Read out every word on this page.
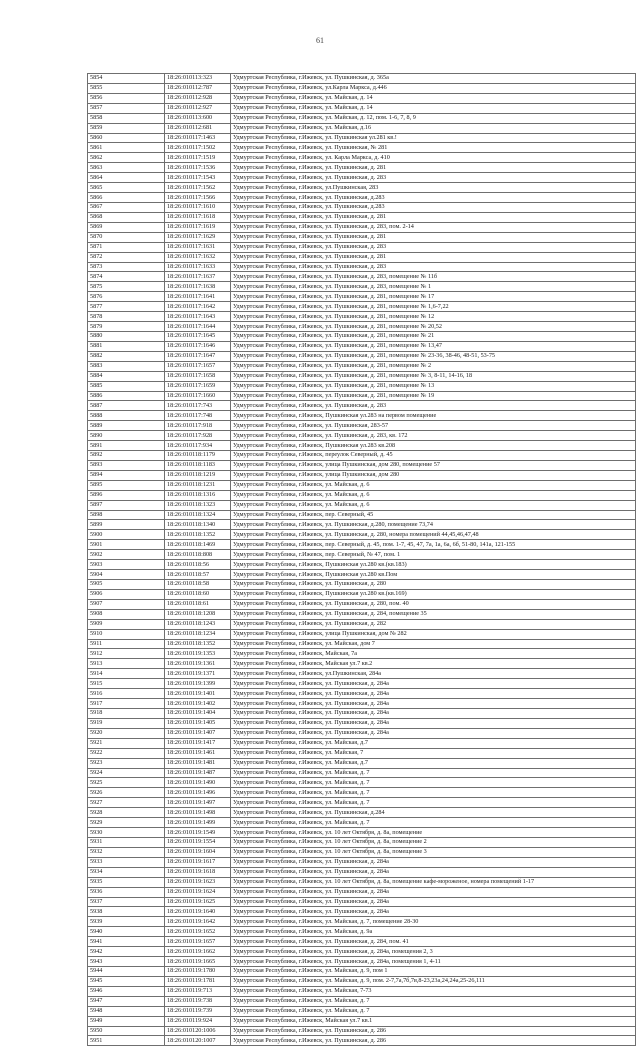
61
5854	18:26:010113:323	Удмуртская Республика, г.Ижевск, ул. Пушкинская, д. 365а
5855	18:26:010112:787	Удмуртская Республика, г.Ижевск, ул.Карла Маркса, д.446
5856	18:26:010112:928	Удмуртская Республика, г.Ижевск, ул. Майская, д. 14
5857	18:26:010112:927	Удмуртская Республика, г.Ижевск, ул. Майская, д. 14
5858	18:26:010113:600	Удмуртская Республика, г.Ижевск, ул. Майская, д. 12, пом. 1-6, 7, 8, 9
5859	18:26:010112:681	Удмуртская Республика, г.Ижевск, ул. Майская, д.16
5860	18:26:010117:1463	Удмуртская Республика, г.Ижевск, ул. Пушкинская ул.281 кв.!
5861	18:26:010117:1502	Удмуртская Республика, г.Ижевск, ул. Пушкинская, № 281
5862	18:26:010117:1519	Удмуртская Республика, г.Ижевск, ул. Карла Маркса, д. 410
5863	18:26:010117:1536	Удмуртская Республика, г.Ижевск, ул. Пушкинская, д. 281
5864	18:26:010117:1543	Удмуртская Республика, г.Ижевск, ул. Пушкинская, д. 283
5865	18:26:010117:1562	Удмуртская Республика, г.Ижевск, ул.Пушкинская, 283
5866	18:26:010117:1566	Удмуртская Республика, г.Ижевск, ул. Пушкинская, д.283
5867	18:26:010117:1610	Удмуртская Республика, г.Ижевск, ул. Пушкинская, д.283
5868	18:26:010117:1618	Удмуртская Республика, г.Ижевск, ул. Пушкинская, д. 281
5869	18:26:010117:1619	Удмуртская Республика, г.Ижевск, ул. Пушкинская, д. 283, пом. 2-14
5870	18:26:010117:1629	Удмуртская Республика, г.Ижевск, ул. Пушкинская, д. 281
5871	18:26:010117:1631	Удмуртская Республика, г.Ижевск, ул. Пушкинская, д. 283
5872	18:26:010117:1632	Удмуртская Республика, г.Ижевск, ул. Пушкинская, д. 281
5873	18:26:010117:1633	Удмуртская Республика, г.Ижевск, ул. Пушкинская, д. 283
5874	18:26:010117:1637	Удмуртская Республика, г.Ижевск, ул. Пушкинская, д. 283, помещение № 11б
5875	18:26:010117:1638	Удмуртская Республика, г.Ижевск, ул. Пушкинская, д. 283, помещение № 1
5876	18:26:010117:1641	Удмуртская Республика, г.Ижевск, ул. Пушкинская, д. 281, помещение № 17
5877	18:26:010117:1642	Удмуртская Республика, г.Ижевск, ул. Пушкинская, д. 281, помещение № 1,6-7,22
5878	18:26:010117:1643	Удмуртская Республика, г.Ижевск, ул. Пушкинская, д. 281, помещение № 12
5879	18:26:010117:1644	Удмуртская Республика, г.Ижевск, ул. Пушкинская, д. 281, помещение № 20,52
5880	18:26:010117:1645	Удмуртская Республика, г.Ижевск, ул. Пушкинская, д. 281, помещение № 21
5881	18:26:010117:1646	Удмуртская Республика, г.Ижевск, ул. Пушкинская, д. 281, помещение № 13,47
5882	18:26:010117:1647	Удмуртская Республика, г.Ижевск, ул. Пушкинская, д. 281, помещение № 23-36, 38-46, 48-51, 53-75
5883	18:26:010117:1657	Удмуртская Республика, г.Ижевск, ул. Пушкинская, д. 281, помещение № 2
5884	18:26:010117:1658	Удмуртская Республика, г.Ижевск, ул. Пушкинская, д. 281, помещение № 3, 8-11, 14-16, 18
5885	18:26:010117:1659	Удмуртская Республика, г.Ижевск, ул. Пушкинская, д. 281, помещение № 13
5886	18:26:010117:1660	Удмуртская Республика, г.Ижевск, ул. Пушкинская, д. 281, помещение № 19
5887	18:26:010117:743	Удмуртская Республика, г.Ижевск, ул. Пушкинская, д. 283
5888	18:26:010117:748	Удмуртская Республика, г.Ижевск, Пушкинская ул.283 на первом помещение
5889	18:26:010117:918	Удмуртская Республика, г.Ижевск, ул. Пушкинская, 283-57
5890	18:26:010117:928	Удмуртская Республика, г.Ижевск, ул. Пушкинская, д. 283, кв. 172
5891	18:26:010117:934	Удмуртская Республика, г.Ижевск, Пушкинская ул.283 кв.208
5892	18:26:010118:1179	Удмуртская Республика, г.Ижевск, переулок Северный, д. 45
5893	18:26:010118:1183	Удмуртская Республика, г.Ижевск, улица Пушкинская, дом 280, помещение 57
5894	18:26:010118:1219	Удмуртская Республика, г.Ижевск, улица Пушкинская, дом 280
5895	18:26:010118:1231	Удмуртская Республика, г.Ижевск, ул. Майская, д. 6
5896	18:26:010118:1316	Удмуртская Республика, г.Ижевск, ул. Майская, д. 6
5897	18:26:010118:1323	Удмуртская Республика, г.Ижевск, ул. Майская, д. 6
5898	18:26:010118:1324	Удмуртская Республика, г.Ижевск, пер. Северный, 45
5899	18:26:010118:1340	Удмуртская Республика, г.Ижевск, ул. Пушкинская, д.280, помещение 73,74
5900	18:26:010118:1352	Удмуртская Республика, г.Ижевск, ул. Пушкинская, д. 280, номера помещений 44,45,46,47,48
5901	18:26:010118:1469	Удмуртская Республика, г.Ижевск, пер. Северный, д. 45, пом. 1-7, 45, 47, 7а, 1а, 6а, 6б, 51-80, 141а, 121-155
5902	18:26:010118:808	Удмуртская Республика, г.Ижевск, пер. Северный, № 47, пом. 1
5903	18:26:010118:56	Удмуртская Республика, г.Ижевск, Пушкинская ул.280 кв.(кв.183)
5904	18:26:010118:57	Удмуртская Республика, г.Ижевск, Пушкинская ул.280 кв.Пом
5905	18:26:010118:58	Удмуртская Республика, г.Ижевск, ул. Пушкинская, д. 280
5906	18:26:010118:60	Удмуртская Республика, г.Ижевск, Пушкинская ул.280 кв.(кв.169)
5907	18:26:010118:61	Удмуртская Республика, г.Ижевск, ул. Пушкинская, д. 280, пом. 40
5908	18:26:010118:1208	Удмуртская Республика, г.Ижевск, ул. Пушкинская, д. 284, помещение 35
5909	18:26:010118:1243	Удмуртская Республика, г.Ижевск, ул. Пушкинская, д. 282
5910	18:26:010118:1234	Удмуртская Республика, г.Ижевск, улица Пушкинская, дом № 282
5911	18:26:010118:1352	Удмуртская Республика, г.Ижевск, ул. Майская, дом 7
5912	18:26:010119:1353	Удмуртская Республика, г.Ижевск, Майская, 7а
5913	18:26:010119:1361	Удмуртская Республика, г.Ижевск, Майская ул.7 кв.2
5914	18:26:010119:1371	Удмуртская Республика, г.Ижевск, ул.Пушкинская, 284а
5915	18:26:010119:1399	Удмуртская Республика, г.Ижевск, ул. Пушкинская, д. 284а
5916	18:26:010119:1401	Удмуртская Республика, г.Ижевск, ул. Пушкинская, д. 284а
5917	18:26:010119:1402	Удмуртская Республика, г.Ижевск, ул. Пушкинская, д. 284а
5918	18:26:010119:1404	Удмуртская Республика, г.Ижевск, ул. Пушкинская, д. 284а
5919	18:26:010119:1405	Удмуртская Республика, г.Ижевск, ул. Пушкинская, д. 284а
5920	18:26:010119:1407	Удмуртская Республика, г.Ижевск, ул. Пушкинская, д. 284а
5921	18:26:010119:1417	Удмуртская Республика, г.Ижевск, ул. Майская, д.7
5922	18:26:010119:1461	Удмуртская Республика, г.Ижевск, ул. Майская, 7
5923	18:26:010119:1481	Удмуртская Республика, г.Ижевск, ул. Майская, д.7
5924	18:26:010119:1487	Удмуртская Республика, г.Ижевск, ул. Майская, д. 7
5925	18:26:010119:1490	Удмуртская Республика, г.Ижевск, ул. Майская, д. 7
5926	18:26:010119:1496	Удмуртская Республика, г.Ижевск, ул. Майская, д. 7
5927	18:26:010119:1497	Удмуртская Республика, г.Ижевск, ул. Майская, д. 7
5928	18:26:010119:1498	Удмуртская Республика, г.Ижевск, ул. Пушкинская, д.284
5929	18:26:010119:1499	Удмуртская Республика, г.Ижевск, ул. Майская, д. 7
5930	18:26:010119:1549	Удмуртская Республика, г.Ижевск, ул. 10 лет Октября, д. 8а, помещение
5931	18:26:010119:1554	Удмуртская Республика, г.Ижевск, ул. 10 лет Октября, д. 8а, помещение 2
5932	18:26:010119:1604	Удмуртская Республика, г.Ижевск, ул. 10 лет Октября, д. 8а, помещение 3
5933	18:26:010119:1617	Удмуртская Республика, г.Ижевск, ул. Пушкинская, д. 284а
5934	18:26:010119:1618	Удмуртская Республика, г.Ижевск, ул. Пушкинская, д. 284а
5935	18:26:010119:1623	Удмуртская Республика, г.Ижевск, ул. 10 лет Октября, д. 8а, помещение кафе-мороженое, номера помещений 1-17
5936	18:26:010119:1624	Удмуртская Республика, г.Ижевск, ул. Пушкинская, д. 284а
5937	18:26:010119:1625	Удмуртская Республика, г.Ижевск, ул. Пушкинская, д. 284а
5938	18:26:010119:1640	Удмуртская Республика, г.Ижевск, ул. Пушкинская, д. 284а
5939	18:26:010119:1642	Удмуртская Республика, г.Ижевск, ул. Майская, д. 7, помещение 28-30
5940	18:26:010119:1652	Удмуртская Республика, г.Ижевск, ул. Майская, д. 9а
5941	18:26:010119:1657	Удмуртская Республика, г.Ижевск, ул. Пушкинская, д. 284, пом. 41
5942	18:26:010119:1662	Удмуртская Республика, г.Ижевск, ул. Пушкинская, д. 284а, помещения 2, 3
5943	18:26:010119:1665	Удмуртская Республика, г.Ижевск, ул. Пушкинская, д. 284а, помещения 1, 4-11
5944	18:26:010119:1780	Удмуртская Республика, г.Ижевск, ул. Майская, д. 9, пом 1
5945	18:26:010119:1781	Удмуртская Республика, г.Ижевск, ул. Майская, д. 9, пом. 2-7,7а,7б,7в,8-23,23а,24,24а,25-26,111
5946	18:26:010119:713	Удмуртская Республика, г.Ижевск, ул. Майская, 7-73
5947	18:26:010119:738	Удмуртская Республика, г.Ижевск, ул. Майская, д. 7
5948	18:26:010119:739	Удмуртская Республика, г.Ижевск, ул. Майская, д. 7
5949	18:26:010119:924	Удмуртская Республика, г.Ижевск, Майская ул.7 кв.1
5950	18:26:010120:1006	Удмуртская Республика, г.Ижевск, ул. Пушкинская, д. 286
5951	18:26:010120:1007	Удмуртская Республика, г.Ижевск, ул. Пушкинская, д. 286
